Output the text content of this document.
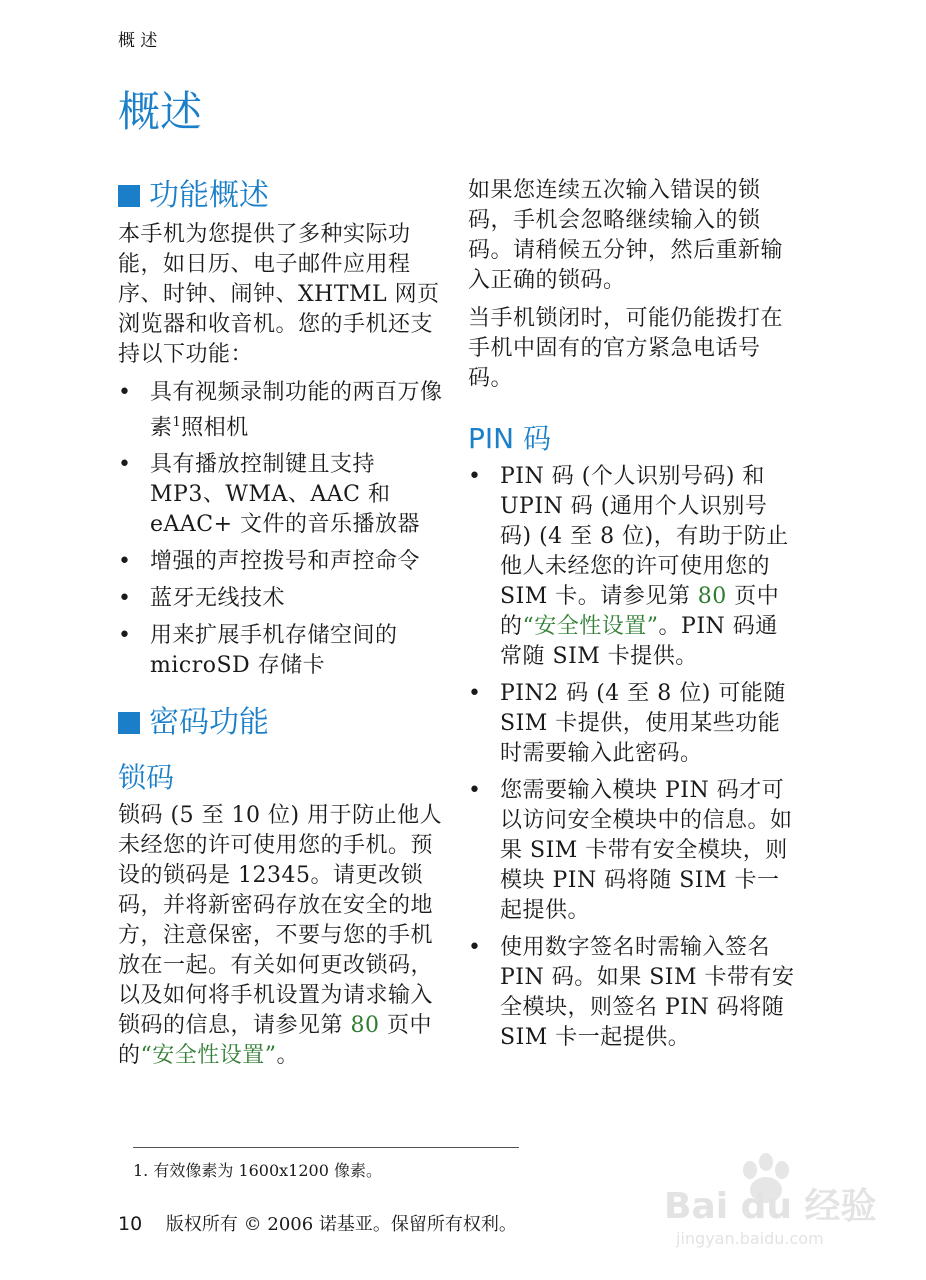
概 述
概述
功能概述

本手机为您提供了多种实际功能，如日历、电子邮件应用程序、时钟、闹钟、XHTML 网页浏览器和收音机。您的手机还支持以下功能：

• 具有视频录制功能的两百万像素$^1$照相机
• 具有播放控制键且支持 MP3、WMA、AAC 和 eAAC+ 文件的音乐播放器
• 增强的声控拨号和声控命令
• 蓝牙无线技术
• 用来扩展手机存储空间的 microSD 存储卡
密码功能
锁码

锁码 (5 至 10 位) 用于防止他人未经您的许可使用您的手机。预设的锁码是 12345。请更改锁码，并将新密码存放在安全的地方，注意保密，不要与您的手机放在一起。有关如何更改锁码，以及如何将手机设置为请求输入锁码的信息，请参见第 80 页中的“安全性设置”。

如果您连续五次输入错误的锁码，手机会忽略继续输入的锁码。请稍候五分钟，然后重新输入正确的锁码。

当手机锁闭时，可能仍能拨打在手机中固有的官方紧急电话号码。

PIN 码
• PIN 码 (个人识别号码) 和 UPIN 码 (通用个人识别号码) (4 至 8 位)，有助于防止他人未经您的许可使用您的 SIM 卡。请参见第 80 页中的“安全性设置”。PIN 码通常随 SIM 卡提供。
• PIN2 码 (4 至 8 位) 可能随 SIM 卡提供，使用某些功能时需要输入此密码。
• 您需要输入模块 PIN 码才可以访问安全模块中的信息。如果 SIM 卡带有安全模块，则模块 PIN 码将随 SIM 卡一起提供。
• 使用数字签名时需输入签名 PIN 码。如果 SIM 卡带有安全模块，则签名 PIN 码将随 SIM 卡一起提供。
1. 有效像素为 1600x1200 像素。
10 版权所有 © 2006 诺基亚。保留所有权利。	Bai du 经验
jingyan.baidu.com
